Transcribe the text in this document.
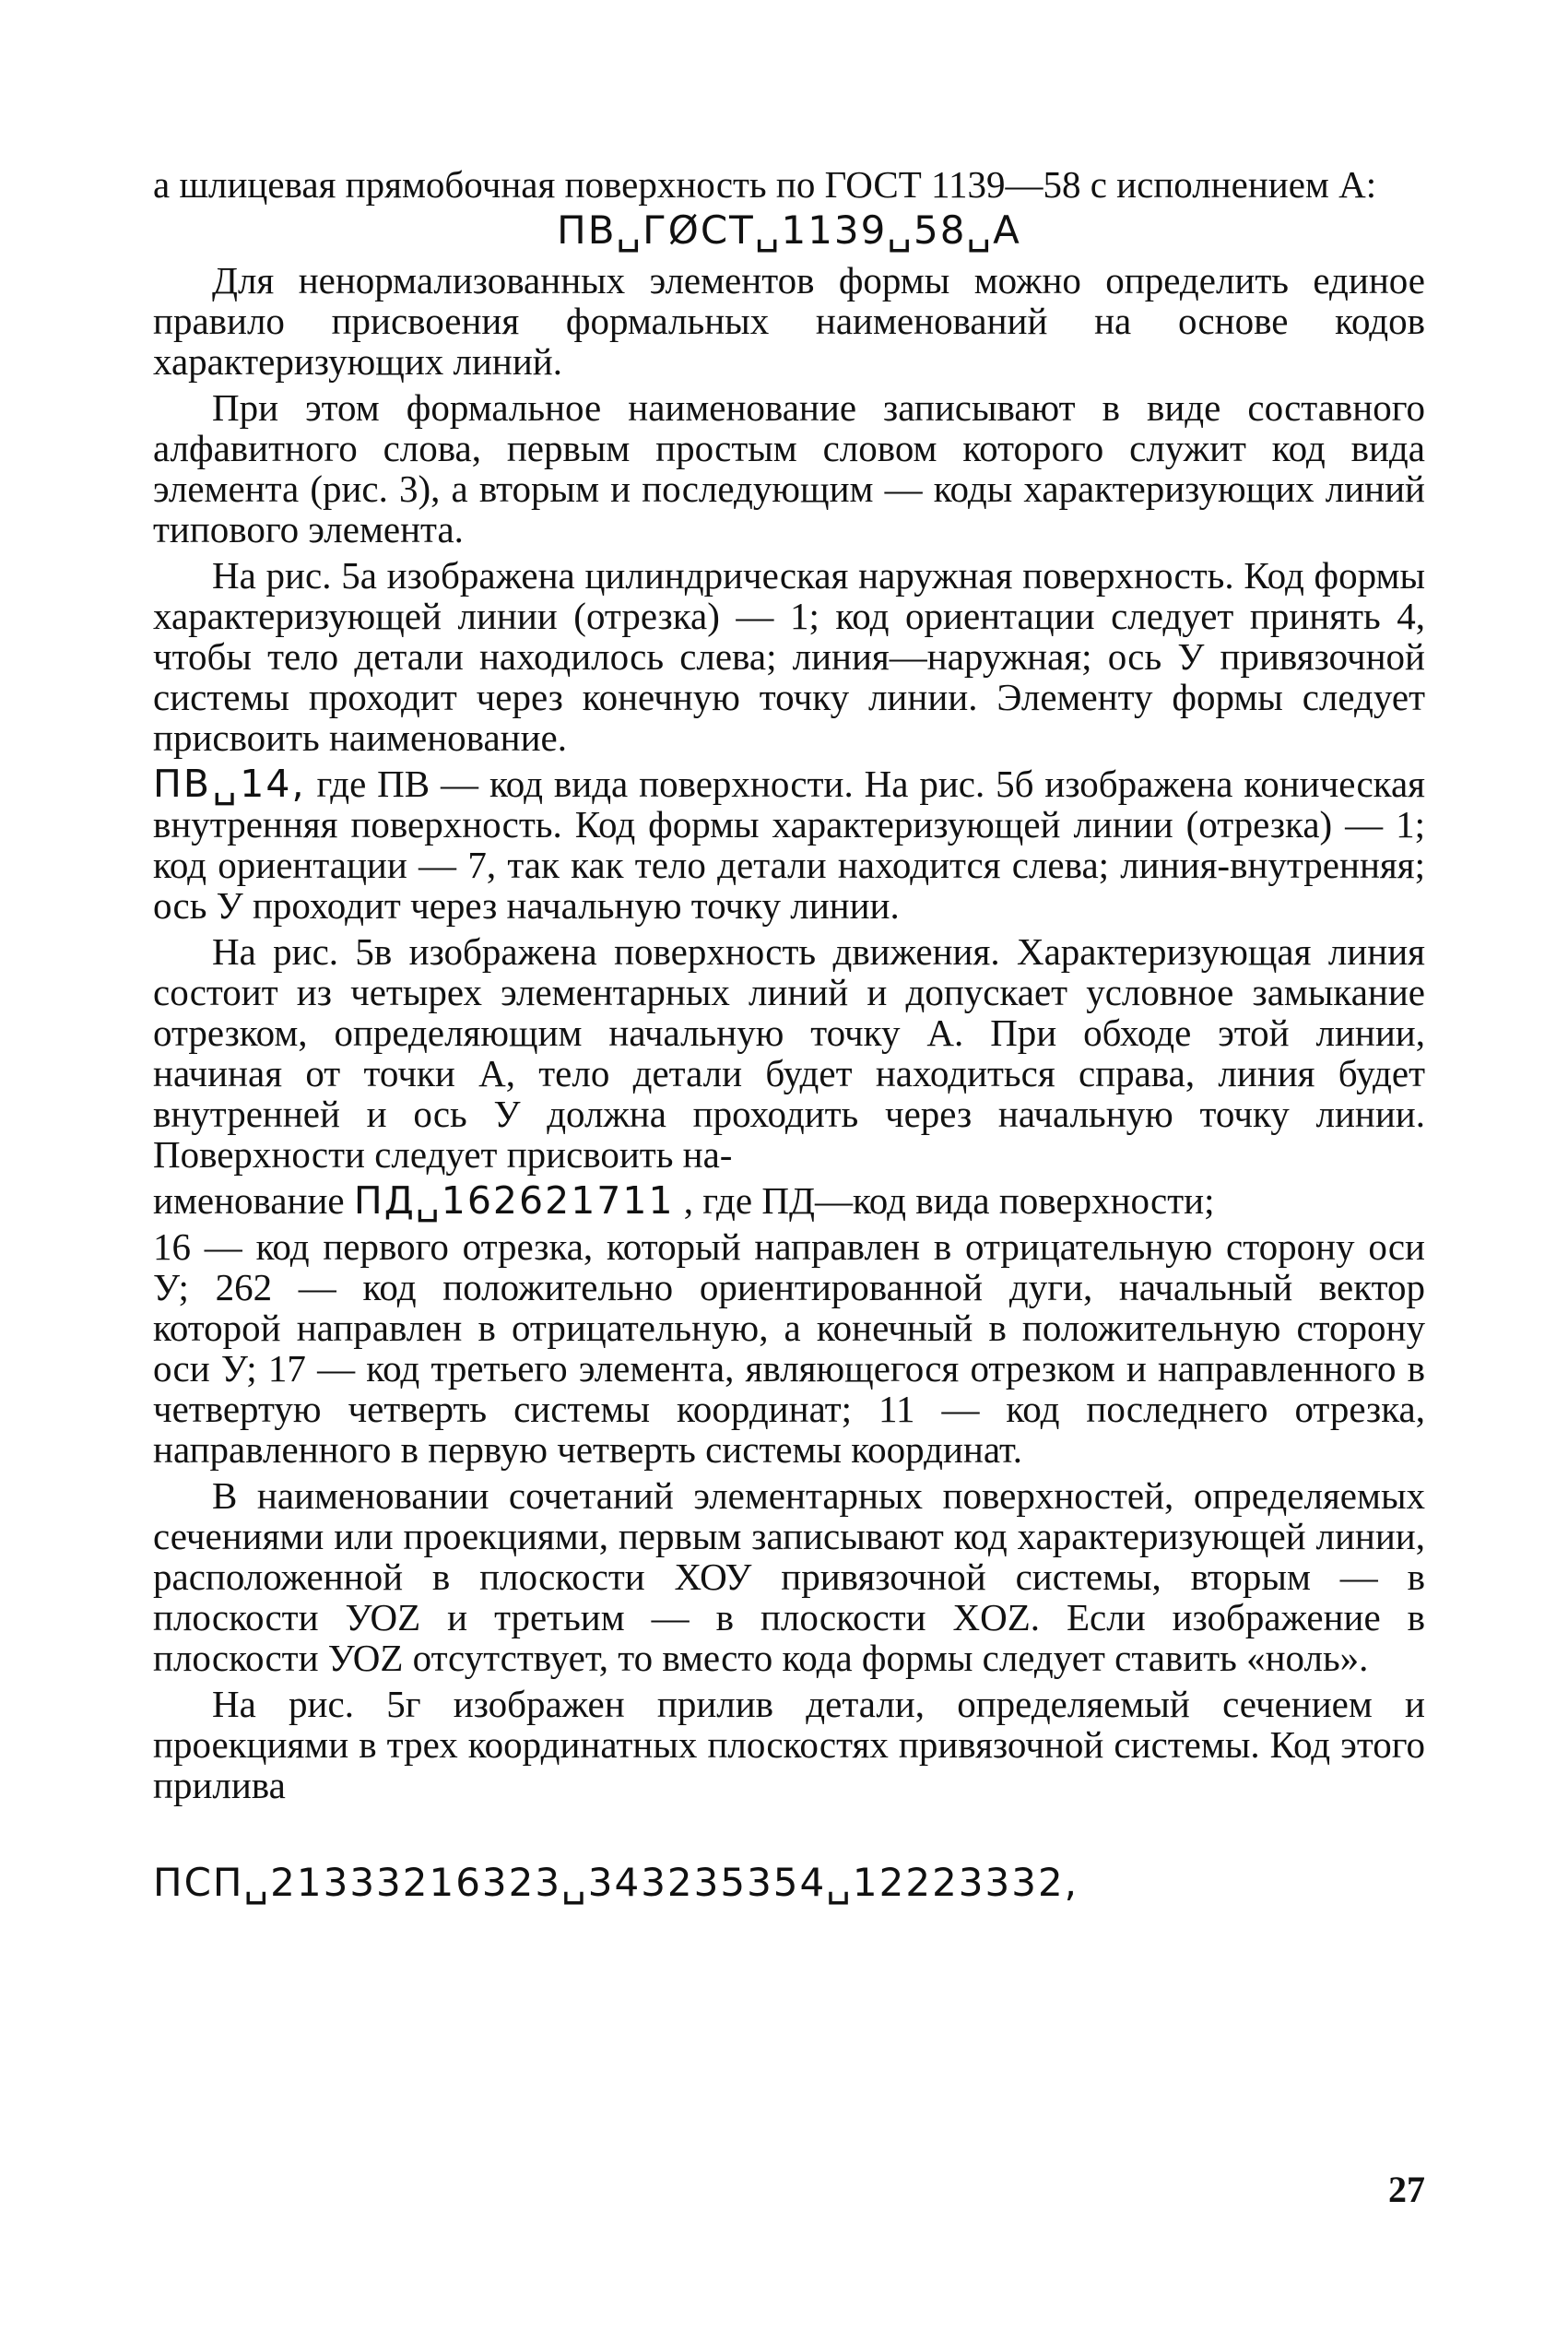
а шлицевая прямобочная поверхность по ГОСТ 1139—58 с исполнением А:

ПВ␣ГØСТ␣1139␣58␣А

Для ненормализованных элементов формы можно определить единое правило присвоения формальных наименований на основе кодов характеризующих линий.

При этом формальное наименование записывают в виде составного алфавитного слова, первым простым словом которого служит код вида элемента (рис. 3), а вторым и последующим — коды характеризующих линий типового элемента.

На рис. 5а изображена цилиндрическая наружная поверхность. Код формы характеризующей линии (отрезка) — 1; код ориентации следует принять 4, чтобы тело детали находилось слева; линия—наружная; ось У привязочной системы проходит через конечную точку линии. Элементу формы следует присвоить наименование.

ПВ␣14, где ПВ — код вида поверхности. На рис. 5б изображена коническая внутренняя поверхность. Код формы характеризующей линии (отрезка) — 1; код ориентации — 7, так как тело детали находится слева; линия-внутренняя; ось У проходит через начальную точку линии.

На рис. 5в изображена поверхность движения. Характеризующая линия состоит из четырех элементарных линий и допускает условное замыкание отрезком, определяющим начальную точку А. При обходе этой линии, начиная от точки А, тело детали будет находиться справа, линия будет внутренней и ось У должна проходить через начальную точку линии. Поверхности следует присвоить на-

именование ПД␣162621711 , где ПД—код вида поверхности;

16 — код первого отрезка, который направлен в отрицательную сторону оси У; 262 — код положительно ориентированной дуги, начальный вектор которой направлен в отрицательную, а конечный в положительную сторону оси У; 17 — код третьего элемента, являющегося отрезком и направленного в четвертую четверть системы координат; 11 — код последнего отрезка, направленного в первую четверть системы координат.

В наименовании сочетаний элементарных поверхностей, определяемых сечениями или проекциями, первым записывают код характеризующей линии, расположенной в плоскости ХОУ привязочной системы, вторым — в плоскости УОZ и третьим — в плоскости XOZ. Если изображение в плоскости УОZ отсутствует, то вместо кода формы следует ставить «ноль».

На рис. 5г изображен прилив детали, определяемый сечением и проекциями в трех координатных плоскостях привязочной системы. Код этого прилива

ПСП␣21333216323␣343235354␣12223332,

27
